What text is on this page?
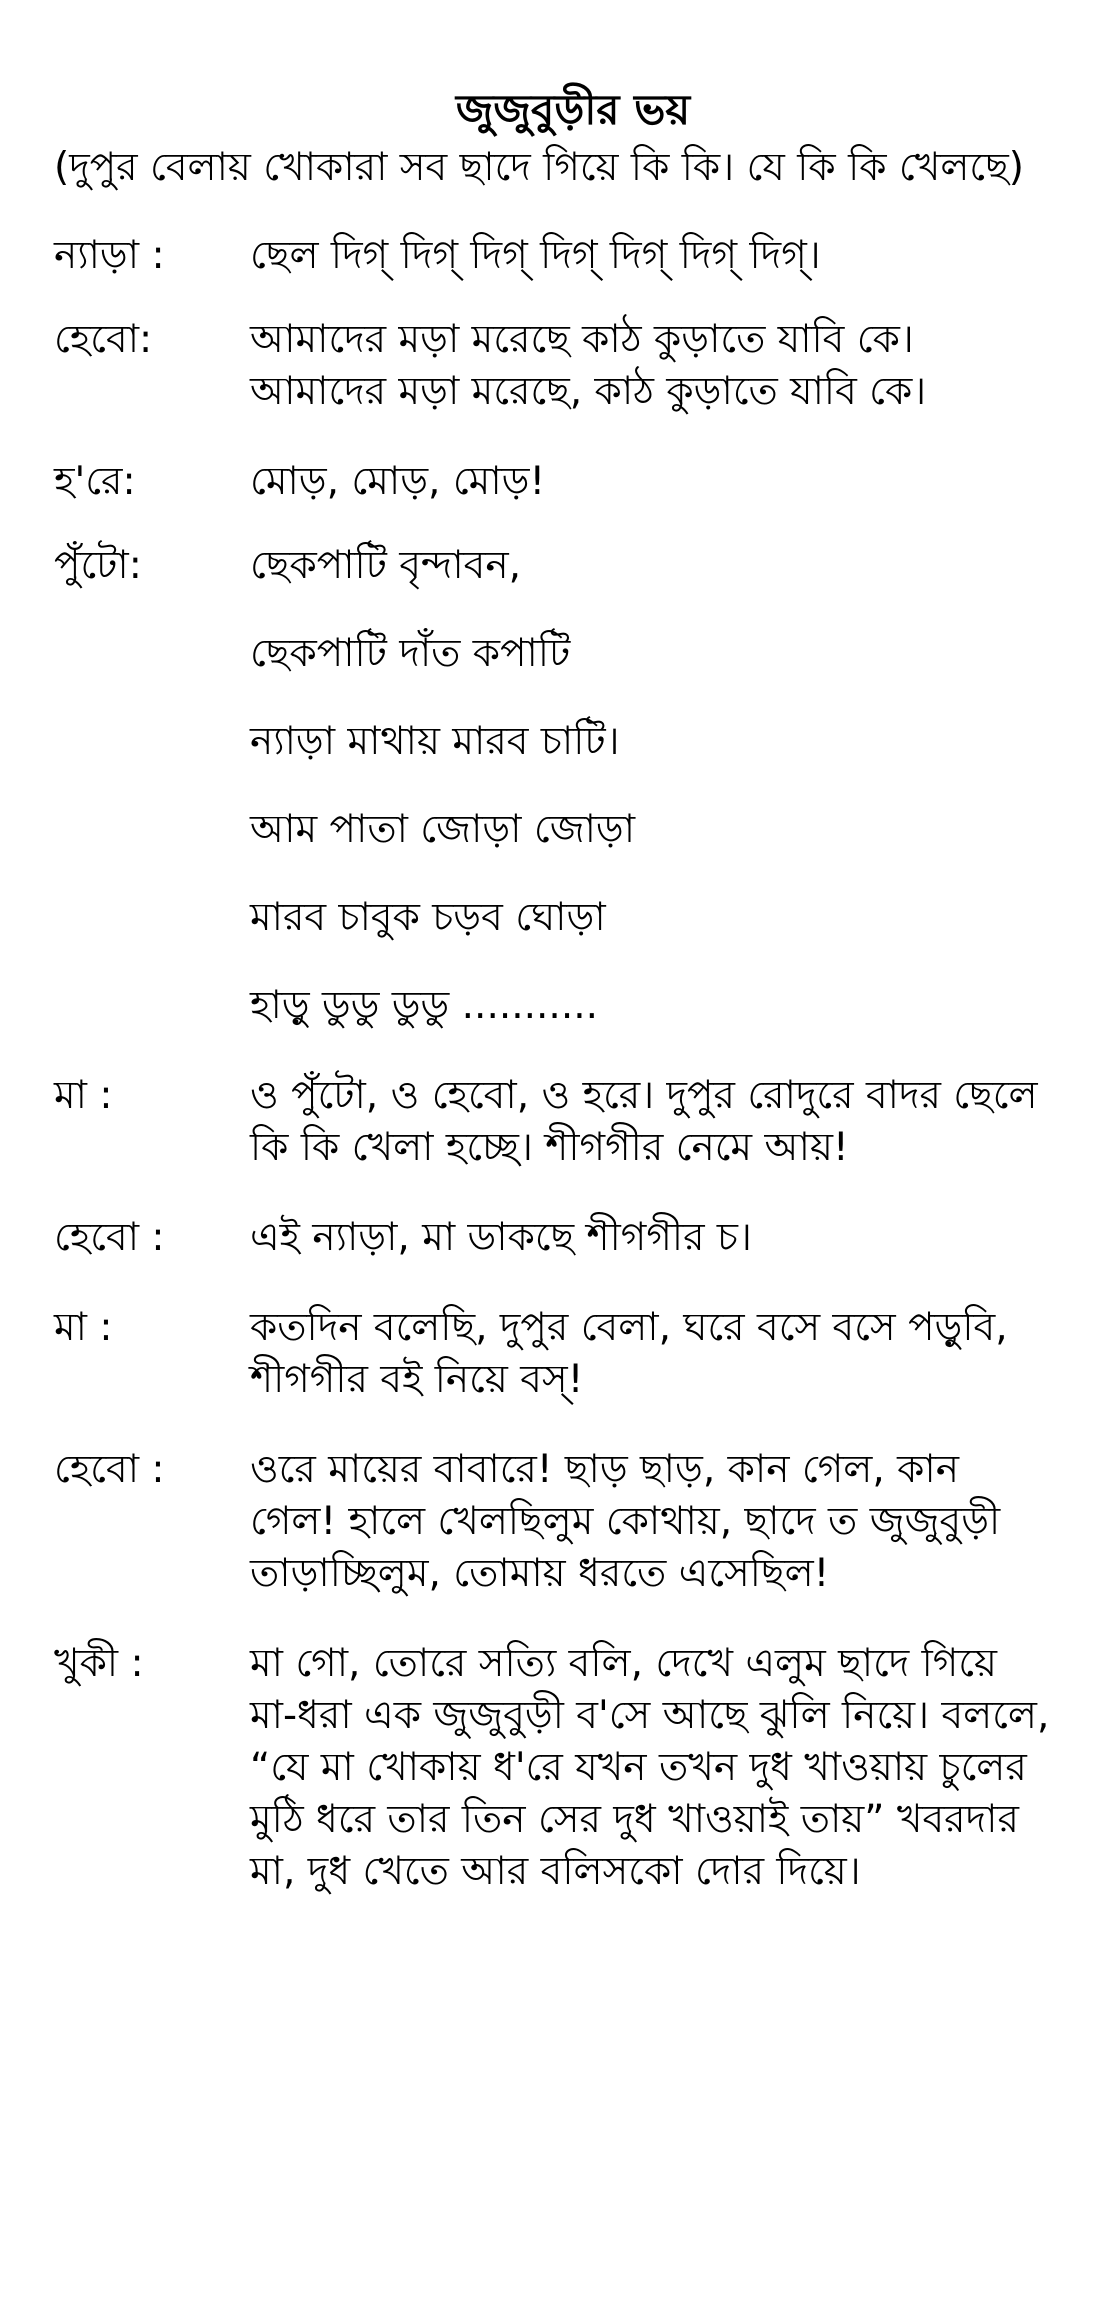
জুজুবুড়ীর ভয়
(দুপুর বেলায় খোকারা সব ছাদে গিয়ে কি কি। যে কি কি খেলছে)
ন্যাড়া :	ছেল দিগ্ দিগ্ দিগ্ দিগ্ দিগ্ দিগ্ দিগ্।
হেবো:	আমাদের মড়া মরেছে কাঠ কুড়াতে যাবি কে। আমাদের মড়া মরেছে, কাঠ কুড়াতে যাবি কে।
হ'রে:	মোড়, মোড়, মোড়!
পুঁটো:	ছেকপাটি বৃন্দাবন,
ছেকপাটি দাঁত কপাটি
ন্যাড়া মাথায় মারব চাটি।
আম পাতা জোড়া জোড়া
মারব চাবুক চড়ব ঘোড়া
হাড়ু ডুডু ডুডু ...........
মা :	ও পুঁটো, ও হেবো, ও হরে। দুপুর রোদুরে বাদর ছেলে কি কি খেলা হচ্ছে। শীগগীর নেমে আয়!
হেবো :	এই ন্যাড়া, মা ডাকছে শীগগীর চ।
মা :	কতদিন বলেছি, দুপুর বেলা, ঘরে বসে বসে পড়ুবি, শীগগীর বই নিয়ে বস্!
হেবো :	ওরে মায়ের বাবারে! ছাড় ছাড়, কান গেল, কান গেল! হালে খেলছিলুম কোথায়, ছাদে ত জুজুবুড়ী তাড়াচ্ছিলুম, তোমায় ধরতে এসেছিল!
খুকী :	মা গো, তোরে সত্যি বলি, দেখে এলুম ছাদে গিয়ে মা-ধরা এক জুজুবুড়ী ব'সে আছে ঝুলি নিয়ে। বললে, “যে মা খোকায় ধ'রে যখন তখন দুধ খাওয়ায় চুলের মুঠি ধরে তার তিন সের দুধ খাওয়াই তায়” খবরদার মা, দুধ খেতে আর বলিসকো দোর দিয়ে।
